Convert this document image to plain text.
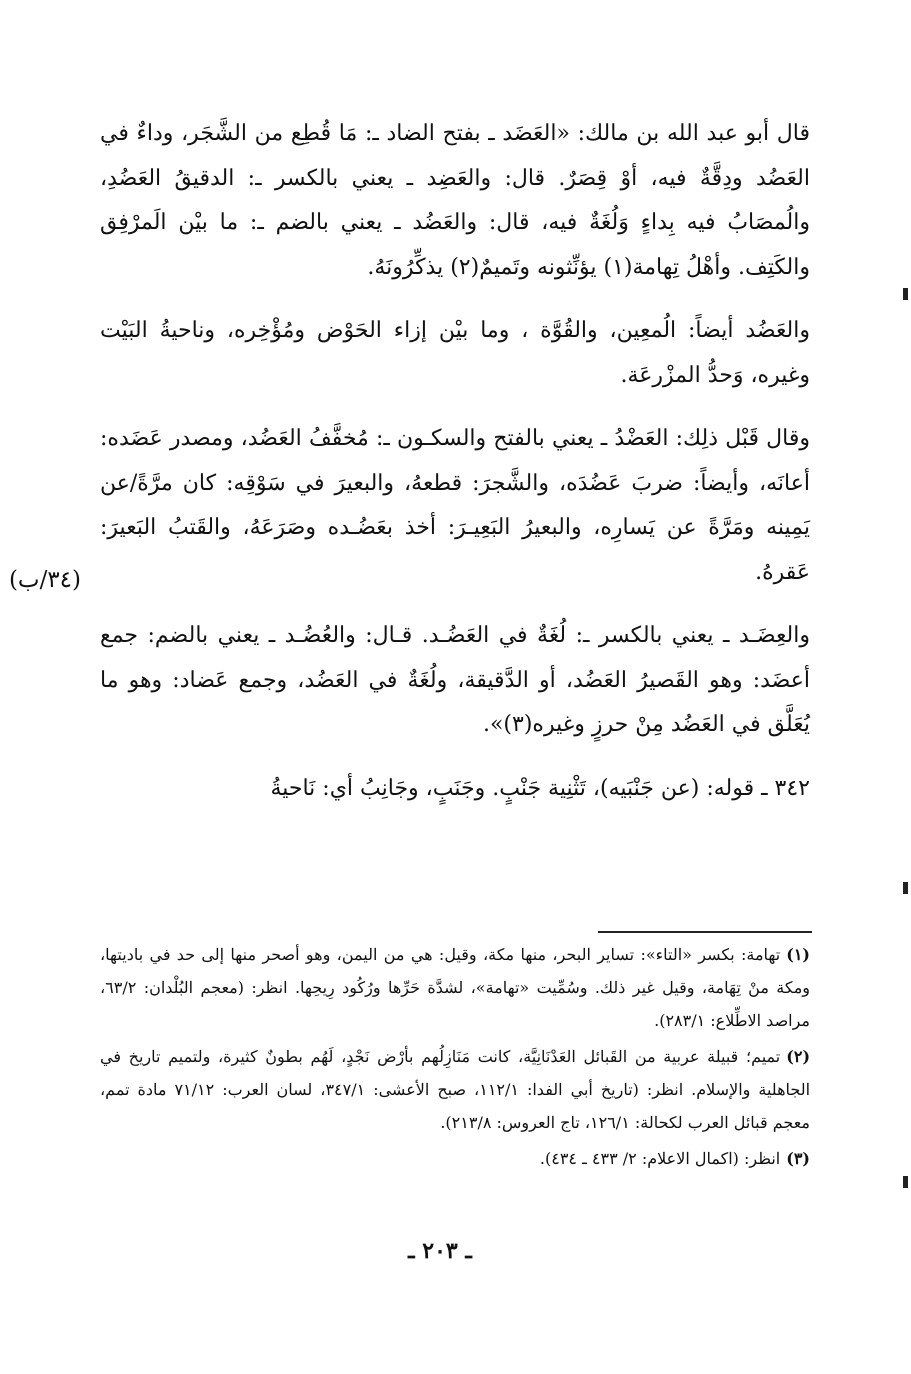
قال أبو عبد الله بن مالك: «العَضَد ـ بفتح الضاد ـ: مَا قُطِع من الشَّجَر، وداءٌ في العَضُد ودِقَّةٌ فيه، أوْ قِصَرٌ. قال: والعَضِد ـ يعني بالكسر ـ: الدقيقُ العَضُدِ، والُمصَابُ فيه بِداءٍ وَلُغَةٌ فيه، قال: والعَضُد ـ يعني بالضم ـ: ما بيْن الَمرْفِق والكَتِف. وأهْلُ تِهامة(١) يؤنِّثونه وتَميمٌ(٢) يذكِّرُونَهُ.

والعَضُد أيضاً: الُمعِين، والقُوَّة ، وما بيْن إزاء الحَوْض ومُؤْخِره، وناحيةُ البَيْت وغيره، وَحدُّ المزْرعَة.

وقال قَبْل ذلِك: العَضْدُ ـ يعني بالفتح والسكـون ـ: مُخفَّفُ العَضُد، ومصدر عَضَده: أعانَه، وأيضاً: ضربَ عَضُدَه، والشَّجرَ: قطعهُ، والبعيرَ في سَوْقِه: كان مرَّةً/عن يَمِينه ومَرَّةً عن يَسارِه، والبعيرُ البَعِيـرَ: أخذ بعَضُـده وصَرَعَهُ، والقَتبُ البَعيرَ: عَقرهُ.

والعِضَـد ـ يعني بالكسر ـ: لُغَةٌ في العَضُـد. قـال: والعُضُـد ـ يعني بالضم: جمع أعضَد: وهو القَصيرُ العَضُد، أو الدَّقيقة، ولُغَةٌ في العَضُد، وجمع عَضاد: وهو ما يُعَلَّق في العَضُد مِنْ حرزٍ وغيره(٣)».

٣٤٢ ـ قوله: (عن جَنْبَيه)، تَثْنِية جَنْبٍ. وجَنَبٍ، وجَانِبُ أي: نَاحيةُ

(٣٤/ب)

(١)تهامة: بكسر «التاء»: تساير البحر، منها مكة، وقيل: هي من اليمن، وهو أصحر منها إلى حد في باديتها، ومكة منْ تِهَامة، وقيل غير ذلك. وسُمِّيت «تهامة»، لشدَّة حَرِّها ورُكُود رِيحِها. انظر: (معجم البُلْدان: ٦٣/٢، مراصد الاطِّلاع: ٢٨٣/١).

(٢)تميم؛ قبيلة عربية من القَبائل العَدْنَانِيَّة، كانت مَنَازِلُهم بأرْض نَجْدٍ، لَهُم بطونٌ كثيرة، ولتميم تاريخ في الجاهلية والإسلام. انظر: (تاريخ أبي الفدا: ١١٢/١، صبح الأعشى: ٣٤٧/١، لسان العرب: ٧١/١٢ مادة تمم، معجم قبائل العرب لكحالة: ١٢٦/١، تاج العروس: ٢١٣/٨).

(٣)انظر: (اكمال الاعلام: ٢/ ٤٣٣ ـ ٤٣٤).

ـ ٢٠٣ ـ
